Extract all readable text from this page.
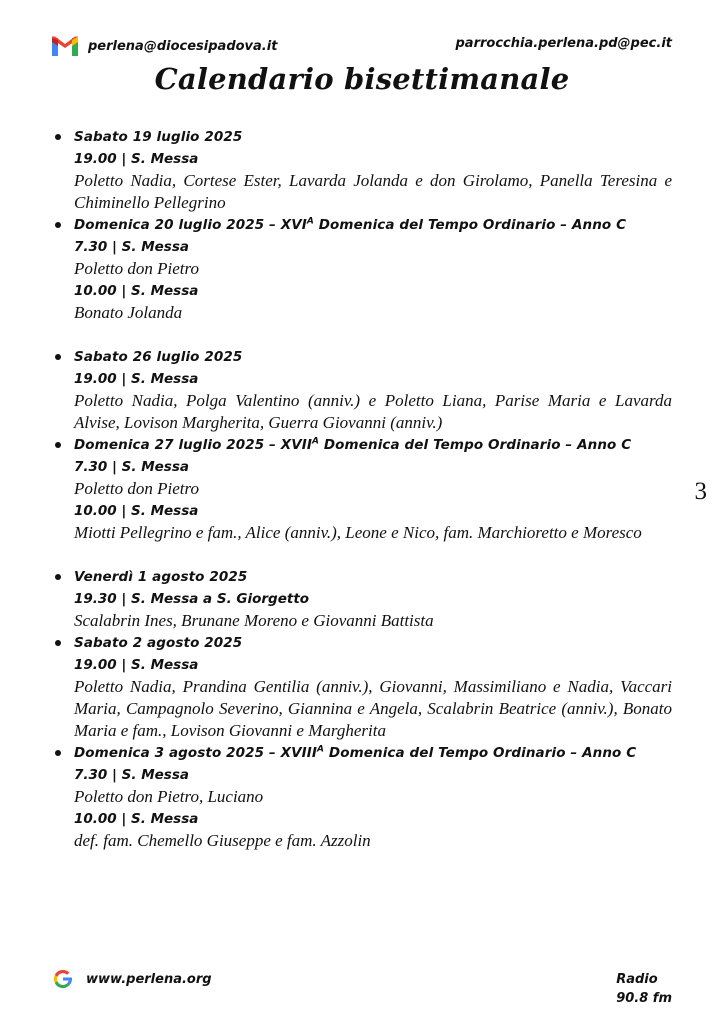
perlena@diocesipadova.it	parrocchia.perlena.pd@pec.it
Calendario bisettimanale
Sabato 19 luglio 2025
19.00 | S. Messa
Poletto Nadia, Cortese Ester, Lavarda Jolanda e don Girolamo, Panella Teresina e Chiminello Pellegrino
Domenica 20 luglio $2025 - XVI^A$ Domenica del Tempo Ordinario – Anno C
7.30 | S. Messa
Poletto don Pietro
10.00 | S. Messa
Bonato Jolanda
Sabato 26 luglio 2025
19.00 | S. Messa
Poletto Nadia, Polga Valentino (anniv.) e Poletto Liana, Parise Maria e Lavarda Alvise, Lovison Margherita, Guerra Giovanni (anniv.)
Domenica 27 luglio $2025 - XVII^A$ Domenica del Tempo Ordinario – Anno C
7.30 | S. Messa
Poletto don Pietro
10.00 | S. Messa
Miotti Pellegrino e fam., Alice (anniv.), Leone e Nico, fam. Marchioretto e Moresco
Venerdì 1 agosto 2025
19.30 | S. Messa a S. Giorgetto
Scalabrin Ines, Brunane Moreno e Giovanni Battista
Sabato 2 agosto 2025
19.00 | S. Messa
Poletto Nadia, Prandina Gentilia (anniv.), Giovanni, Massimiliano e Nadia, Vaccari Maria, Campagnolo Severino, Giannina e Angela, Scalabrin Beatrice (anniv.), Bonato Maria e fam., Lovison Giovanni e Margherita
Domenica 3 agosto $2025 - XVIII^A$ Domenica del Tempo Ordinario – Anno C
7.30 | S. Messa
Poletto don Pietro, Luciano
10.00 | S. Messa
def. fam. Chemello Giuseppe e fam. Azzolin
3
www.perlena.org	Radio
90.8 fm
